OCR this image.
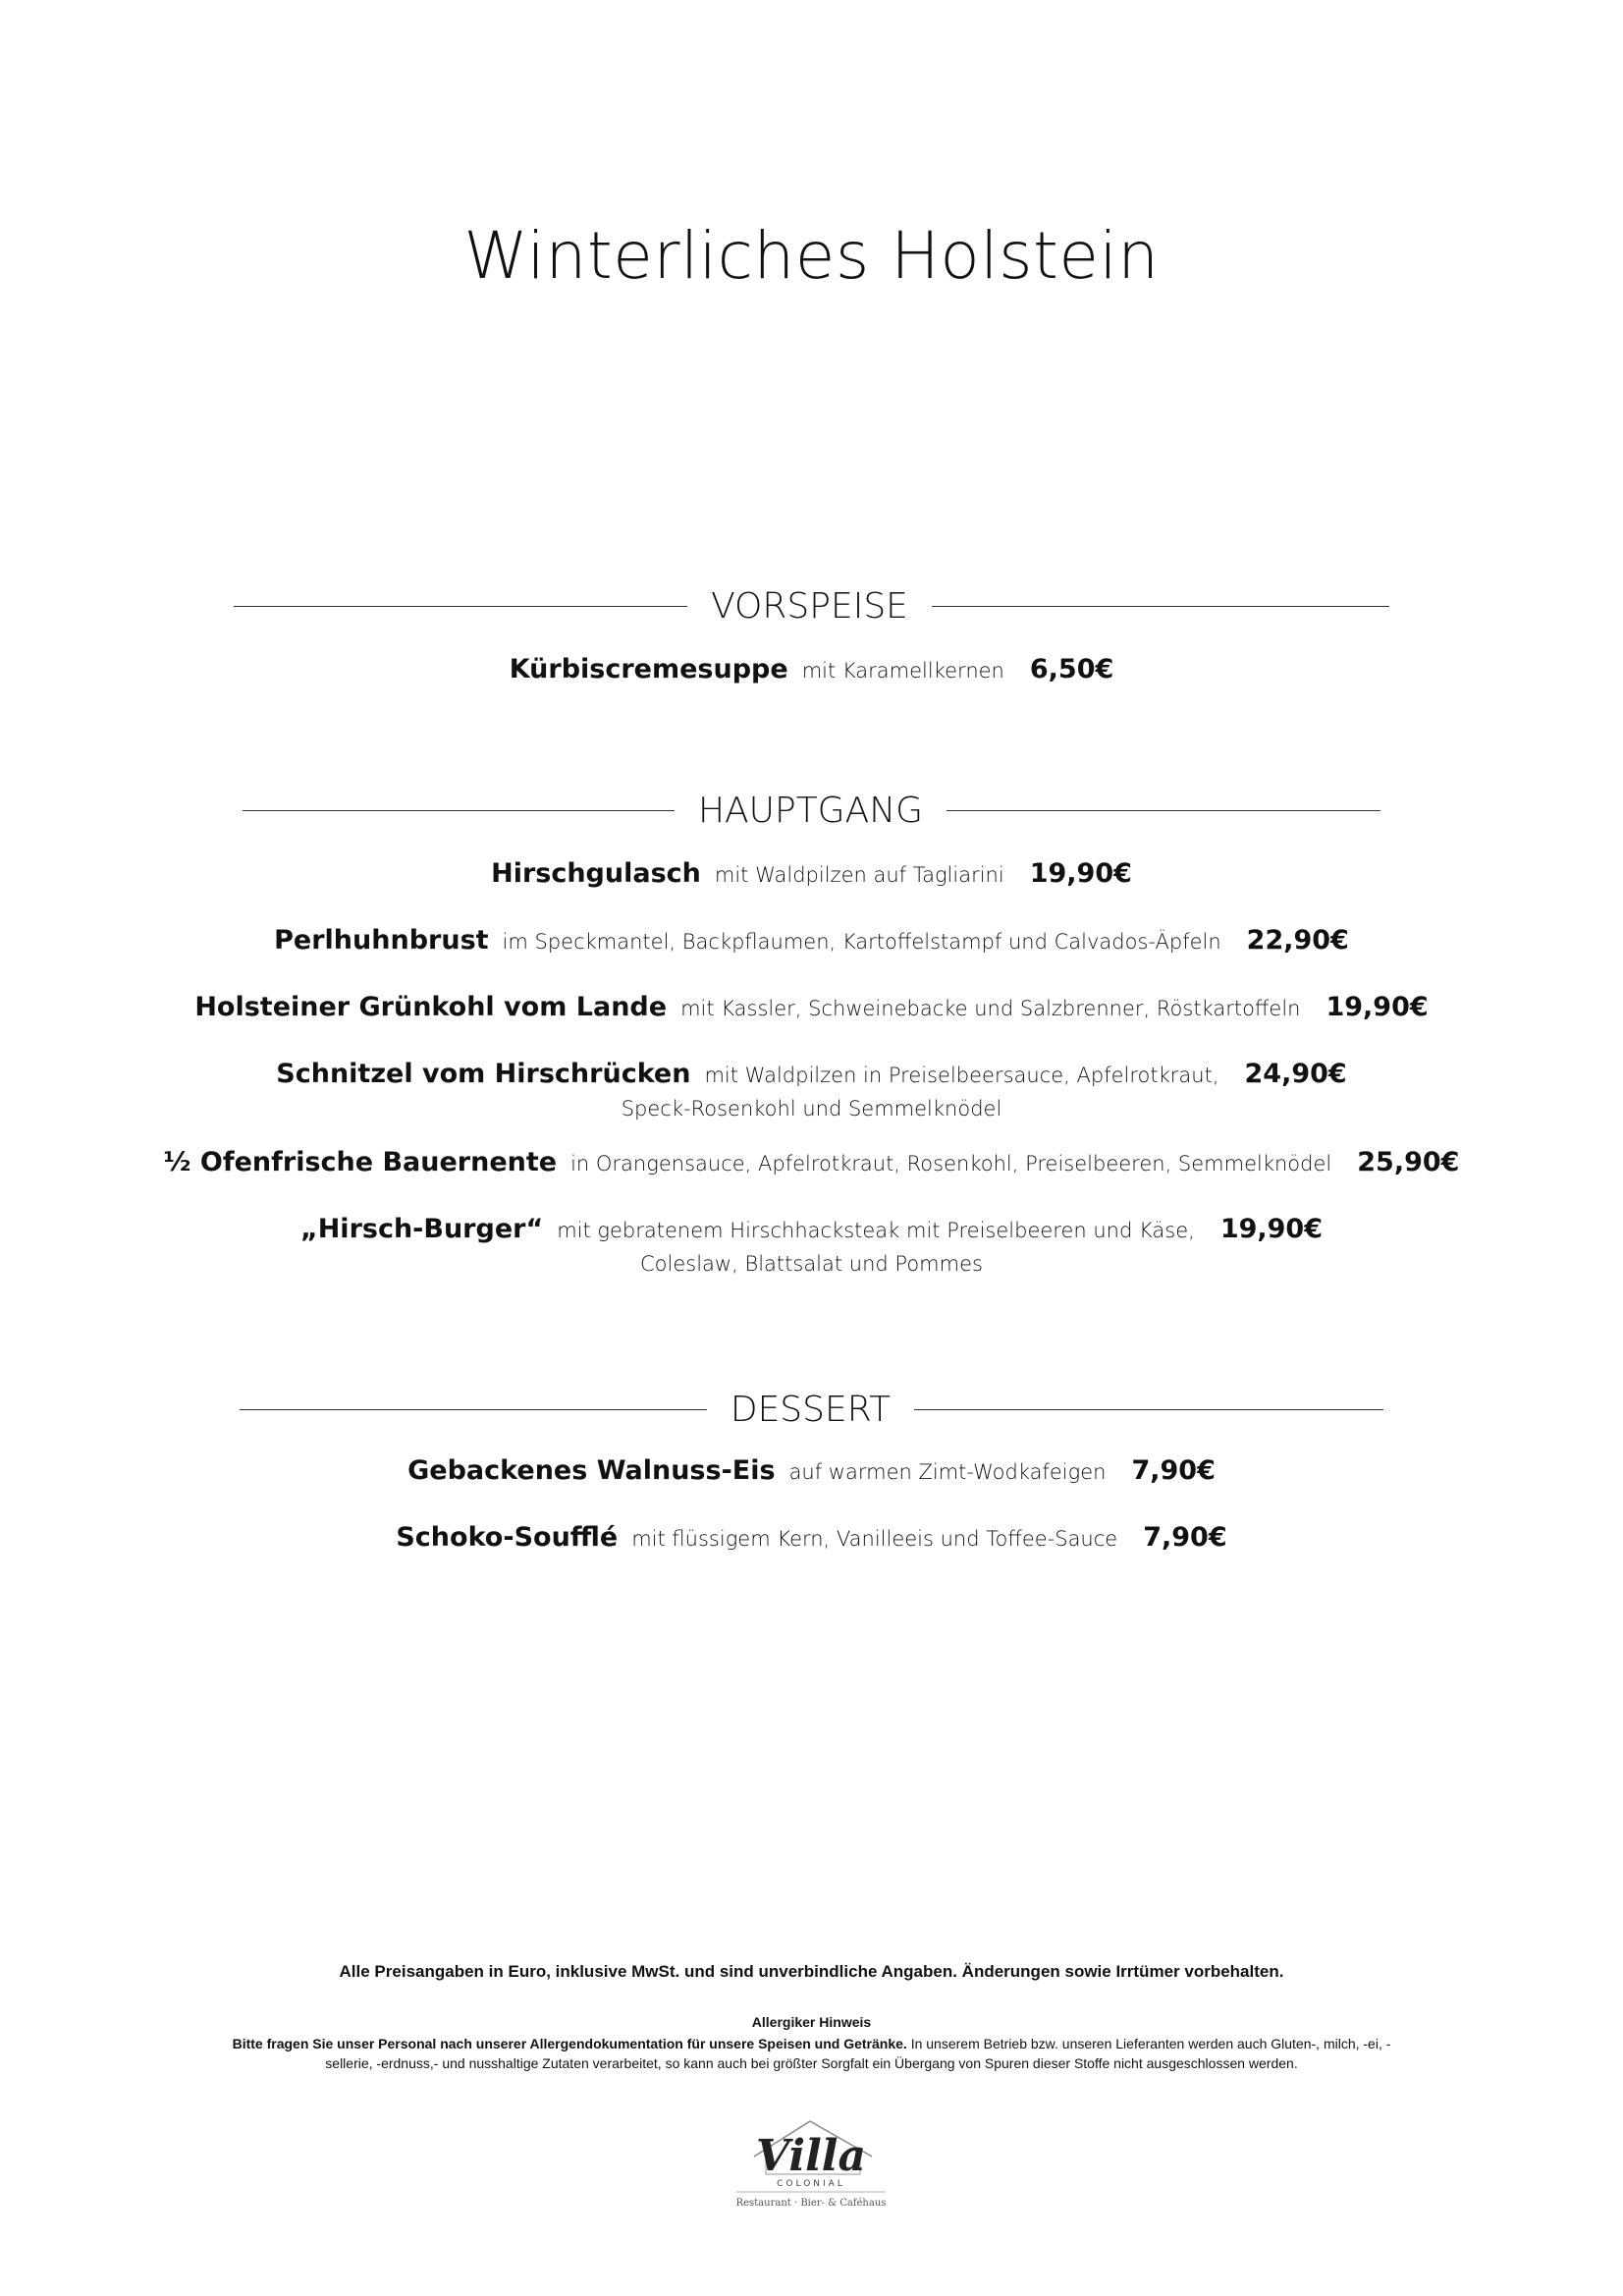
Winterliches Holstein
VORSPEISE
Kürbiscremesuppe mit Karamellkernen 6,50€
HAUPTGANG
Hirschgulasch mit Waldpilzen auf Tagliarini 19,90€
Perlhuhnbrust im Speckmantel, Backpflaumen, Kartoffelstampf und Calvados-Äpfeln 22,90€
Holsteiner Grünkohl vom Lande mit Kassler, Schweinebacke und Salzbrenner, Röstkartoffeln 19,90€
Schnitzel vom Hirschrücken mit Waldpilzen in Preiselbeersauce, Apfelrotkraut, 24,90€
Speck-Rosenkohl und Semmelknödel
½ Ofenfrische Bauernente in Orangensauce, Apfelrotkraut, Rosenkohl, Preiselbeeren, Semmelknödel 25,90€
„Hirsch-Burger“ mit gebratenem Hirschhacksteak mit Preiselbeeren und Käse, 19,90€
Coleslaw, Blattsalat und Pommes
DESSERT
Gebackenes Walnuss-Eis auf warmen Zimt-Wodkafeigen 7,90€
Schoko-Soufflé mit flüssigem Kern, Vanilleeis und Toffee-Sauce 7,90€
Alle Preisangaben in Euro, inklusive MwSt. und sind unverbindliche Angaben. Änderungen sowie Irrtümer vorbehalten.
Allergiker Hinweis
Bitte fragen Sie unser Personal nach unserer Allergendokumentation für unsere Speisen und Getränke. In unserem Betrieb bzw. unseren Lieferanten werden auch Gluten-, milch, -ei, -
sellerie, -erdnuss,- und nusshaltige Zutaten verarbeitet, so kann auch bei größter Sorgfalt ein Übergang von Spuren dieser Stoffe nicht ausgeschlossen werden.
Villa
COLONIAL
Restaurant · Bier- & Caféhaus
